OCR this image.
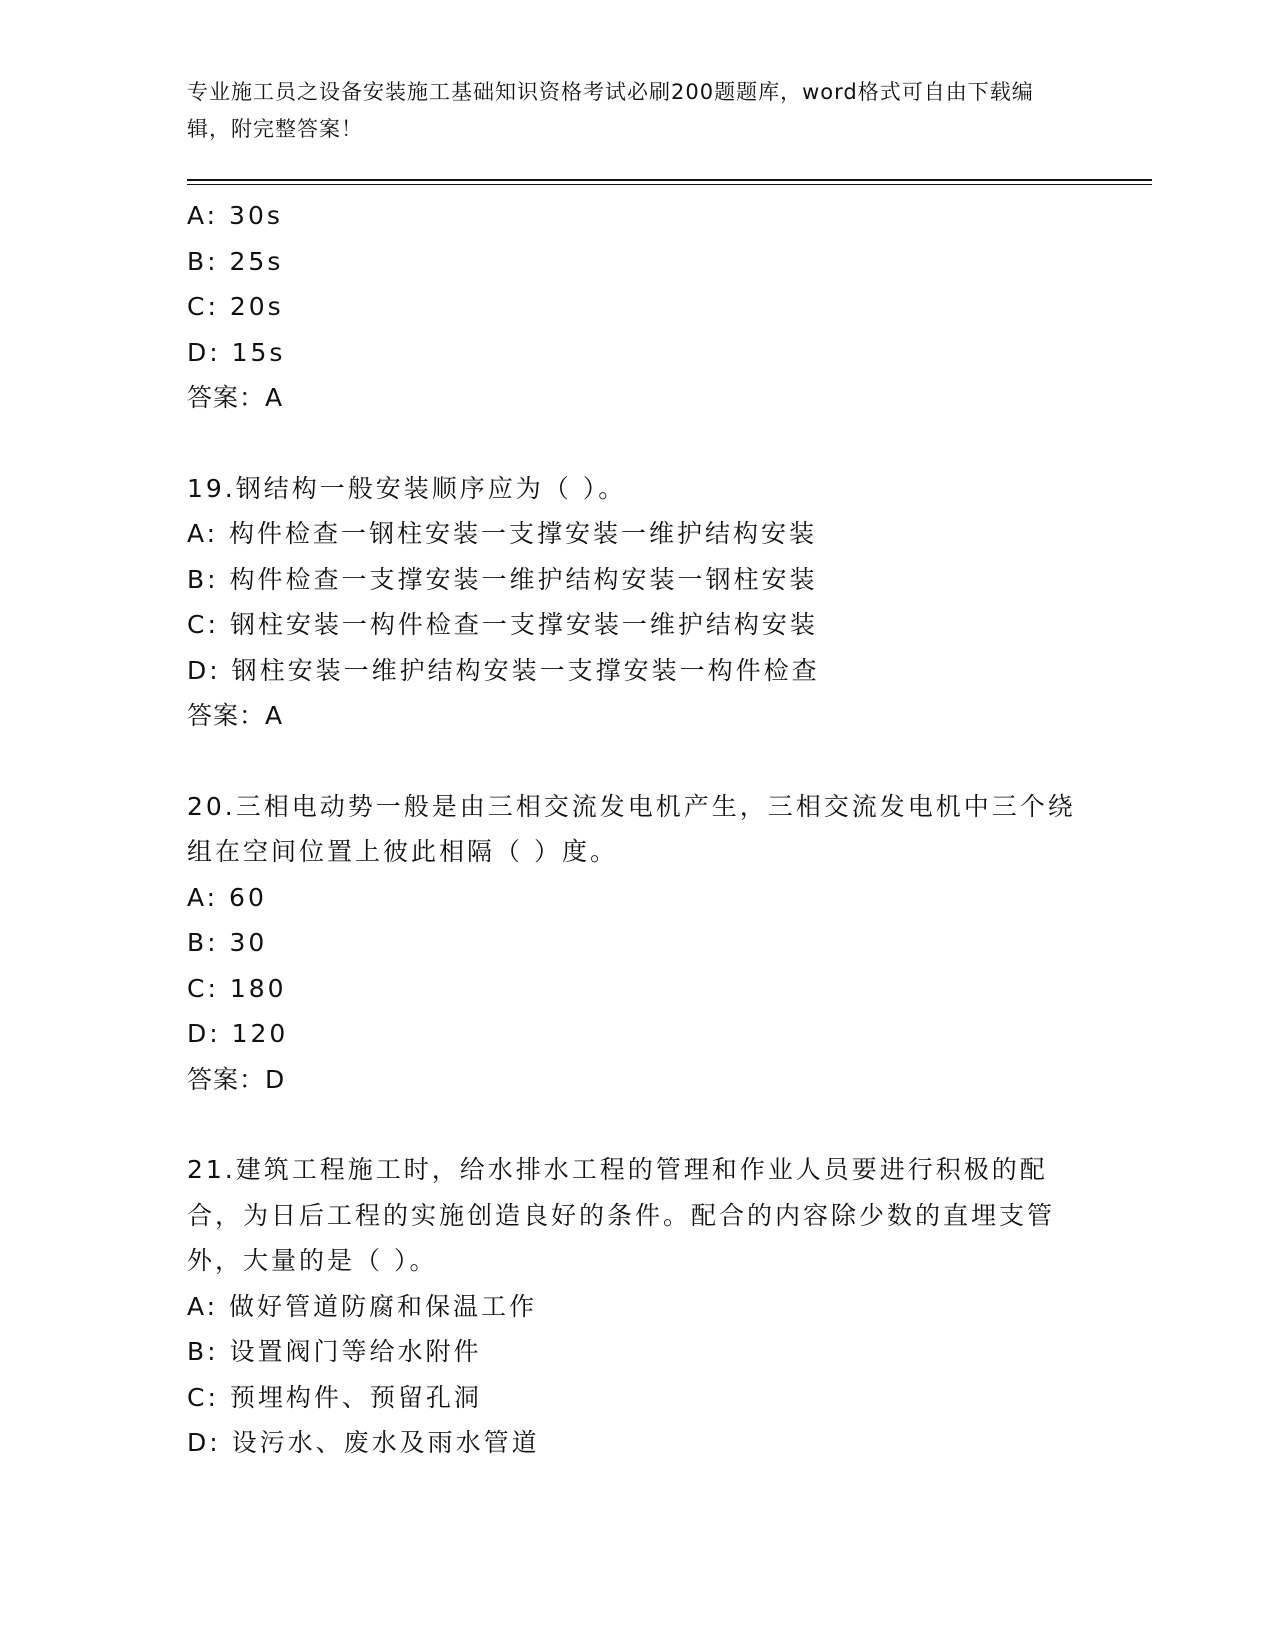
专业施工员之设备安装施工基础知识资格考试必刷200题题库，word格式可自由下载编辑，附完整答案！

A: 30s

B: 25s

C: 20s

D: 15s

答案：A

19.钢结构一般安装顺序应为（ ）。

A: 构件检查一钢柱安装一支撑安装一维护结构安装

B: 构件检查一支撑安装一维护结构安装一钢柱安装

C: 钢柱安装一构件检查一支撑安装一维护结构安装

D: 钢柱安装一维护结构安装一支撑安装一构件检查

答案：A

20.三相电动势一般是由三相交流发电机产生，三相交流发电机中三个绕组在空间位置上彼此相隔（ ）度。

A: 60

B: 30

C: 180

D: 120

答案：D

21.建筑工程施工时，给水排水工程的管理和作业人员要进行积极的配合，为日后工程的实施创造良好的条件。配合的内容除少数的直埋支管外，大量的是（ ）。

A: 做好管道防腐和保温工作

B: 设置阀门等给水附件

C: 预埋构件、预留孔洞

D: 设污水、废水及雨水管道
